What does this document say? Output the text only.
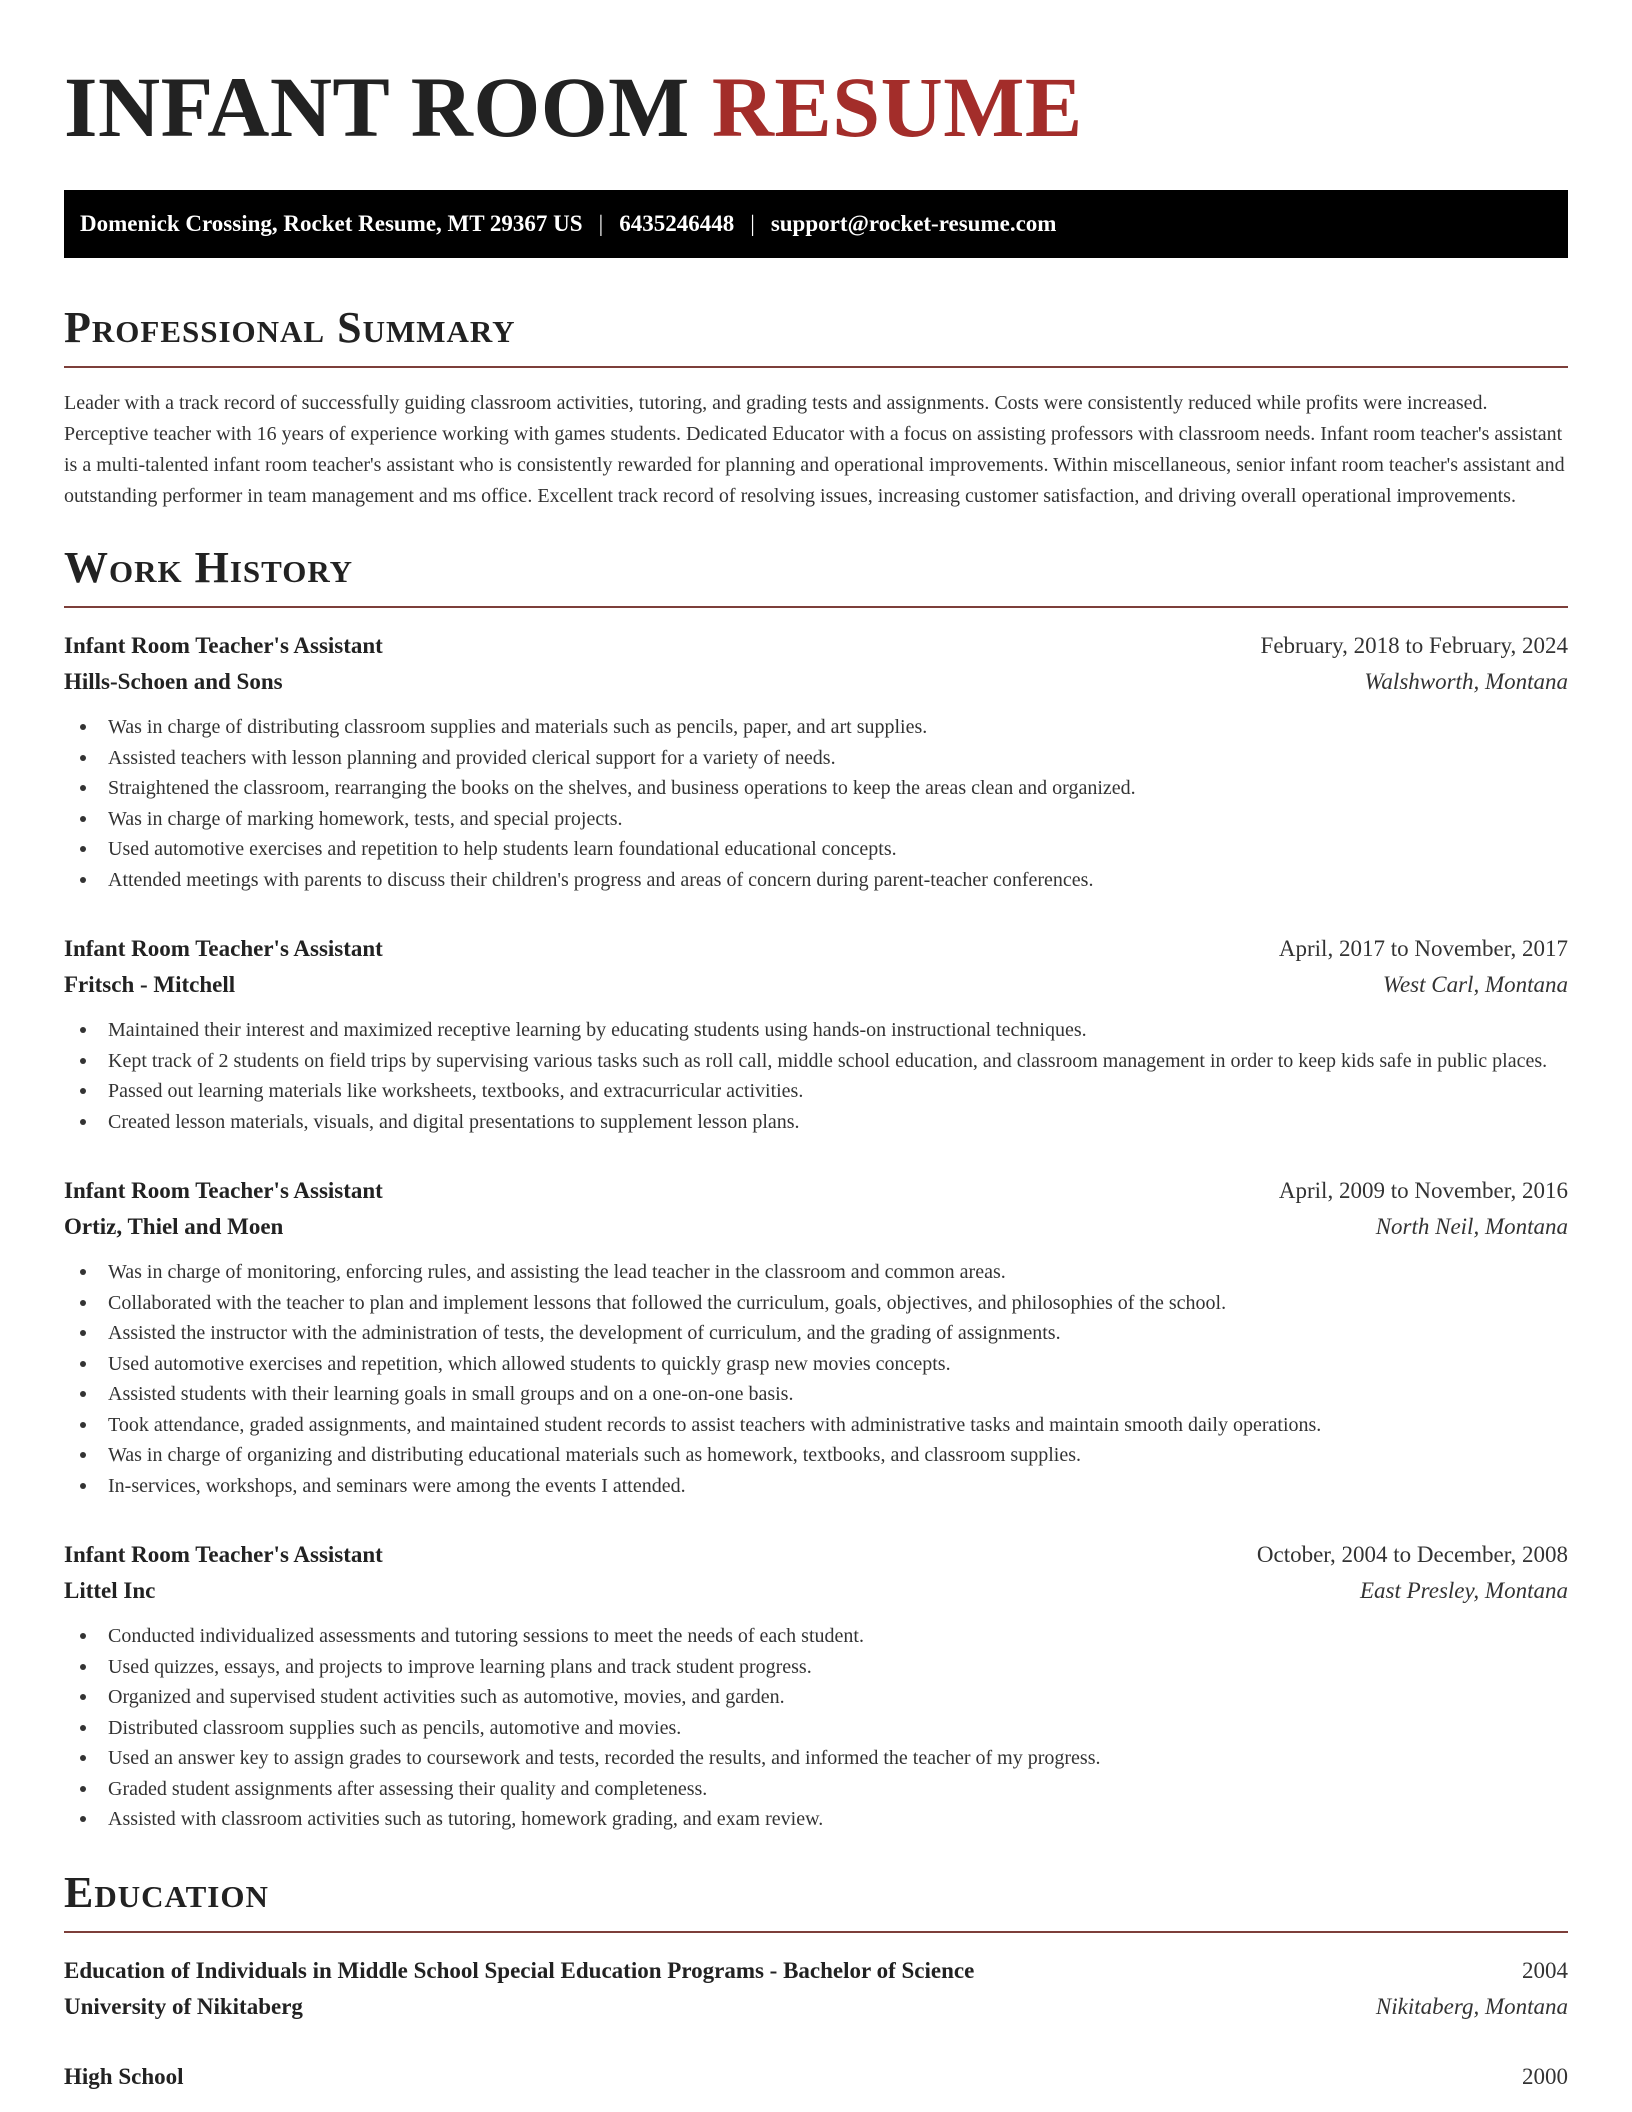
INFANT ROOM RESUME
Domenick Crossing, Rocket Resume, MT 29367 US | 6435246448 | support@rocket-resume.com
Professional Summary

Leader with a track record of successfully guiding classroom activities, tutoring, and grading tests and assignments. Costs were consistently reduced while profits were increased. Perceptive teacher with 16 years of experience working with games students. Dedicated Educator with a focus on assisting professors with classroom needs. Infant room teacher's assistant is a multi-talented infant room teacher's assistant who is consistently rewarded for planning and operational improvements. Within miscellaneous, senior infant room teacher's assistant and outstanding performer in team management and ms office. Excellent track record of resolving issues, increasing customer satisfaction, and driving overall operational improvements.

Work History
Infant Room Teacher's Assistant	February, 2018 to February, 2024
Hills-Schoen and Sons	Walshworth, Montana
Was in charge of distributing classroom supplies and materials such as pencils, paper, and art supplies.
Assisted teachers with lesson planning and provided clerical support for a variety of needs.
Straightened the classroom, rearranging the books on the shelves, and business operations to keep the areas clean and organized.
Was in charge of marking homework, tests, and special projects.
Used automotive exercises and repetition to help students learn foundational educational concepts.
Attended meetings with parents to discuss their children's progress and areas of concern during parent-teacher conferences.
Infant Room Teacher's Assistant	April, 2017 to November, 2017
Fritsch - Mitchell	West Carl, Montana
Maintained their interest and maximized receptive learning by educating students using hands-on instructional techniques.
Kept track of 2 students on field trips by supervising various tasks such as roll call, middle school education, and classroom management in order to keep kids safe in public places.
Passed out learning materials like worksheets, textbooks, and extracurricular activities.
Created lesson materials, visuals, and digital presentations to supplement lesson plans.
Infant Room Teacher's Assistant	April, 2009 to November, 2016
Ortiz, Thiel and Moen	North Neil, Montana
Was in charge of monitoring, enforcing rules, and assisting the lead teacher in the classroom and common areas.
Collaborated with the teacher to plan and implement lessons that followed the curriculum, goals, objectives, and philosophies of the school.
Assisted the instructor with the administration of tests, the development of curriculum, and the grading of assignments.
Used automotive exercises and repetition, which allowed students to quickly grasp new movies concepts.
Assisted students with their learning goals in small groups and on a one-on-one basis.
Took attendance, graded assignments, and maintained student records to assist teachers with administrative tasks and maintain smooth daily operations.
Was in charge of organizing and distributing educational materials such as homework, textbooks, and classroom supplies.
In-services, workshops, and seminars were among the events I attended.
Infant Room Teacher's Assistant	October, 2004 to December, 2008
Littel Inc	East Presley, Montana
Conducted individualized assessments and tutoring sessions to meet the needs of each student.
Used quizzes, essays, and projects to improve learning plans and track student progress.
Organized and supervised student activities such as automotive, movies, and garden.
Distributed classroom supplies such as pencils, automotive and movies.
Used an answer key to assign grades to coursework and tests, recorded the results, and informed the teacher of my progress.
Graded student assignments after assessing their quality and completeness.
Assisted with classroom activities such as tutoring, homework grading, and exam review.
Education
Education of Individuals in Middle School Special Education Programs - Bachelor of Science	2004
University of Nikitaberg	Nikitaberg, Montana
High School	2000
